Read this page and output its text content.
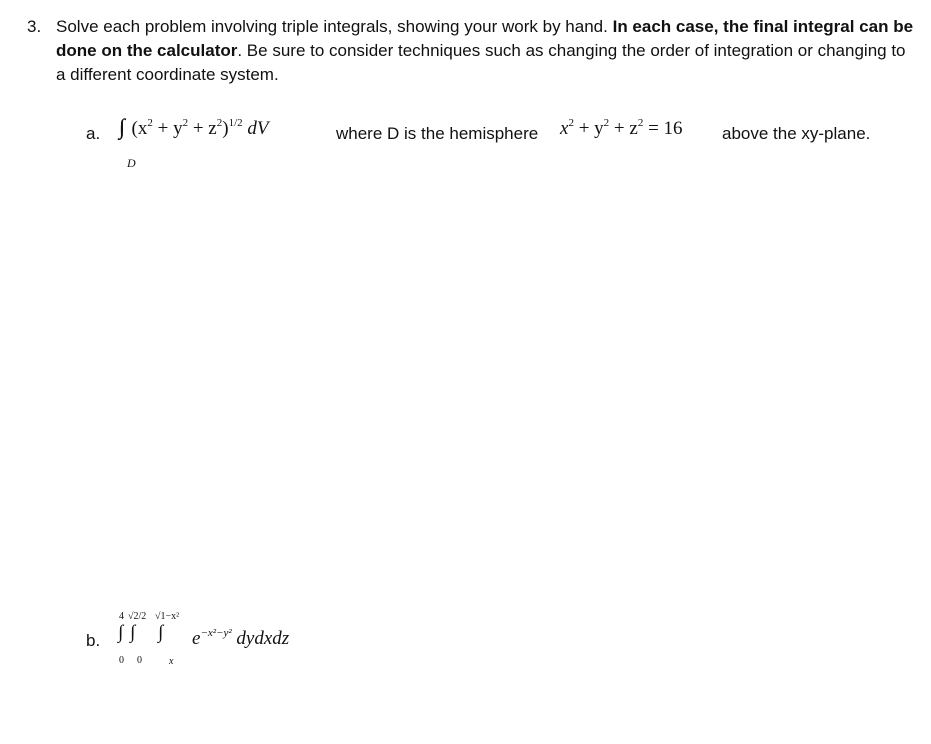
3. Solve each problem involving triple integrals, showing your work by hand. In each case, the final integral can be done on the calculator. Be sure to consider techniques such as changing the order of integration or changing to a different coordinate system.
a. ∫∫∫ $(x^2 + y^2 + z^2)^{1/2}$ dV
D
where D is the hemisphere $x^2 + y^2 + z^2 = 16$ above the xy-plane.
b.
4 √2/2 √1−x²
∫ ∫ ∫
0 0	x
$e^{-x^2-y^2}$ dydxdz
